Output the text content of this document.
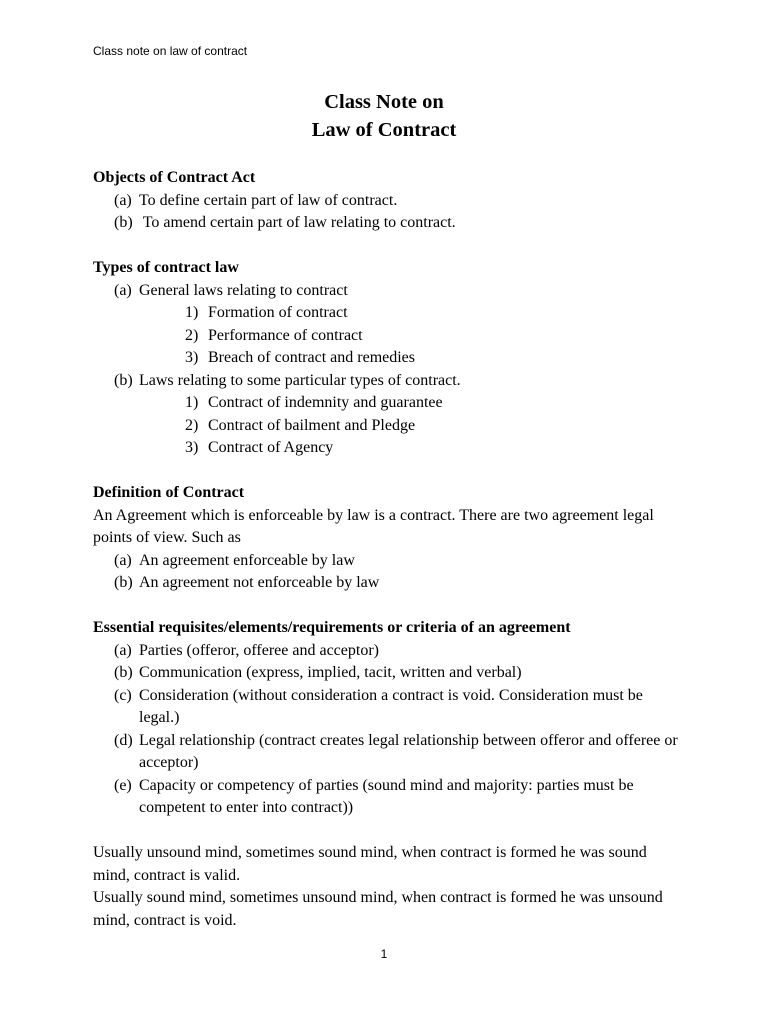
Class note on law of contract
Class Note on
Law of Contract

Objects of Contract Act

(a) To define certain part of law of contract.
(b) To amend certain part of law relating to contract.

Types of contract law

(a) General laws relating to contract
1) Formation of contract
2) Performance of contract
3) Breach of contract and remedies
(b) Laws relating to some particular types of contract.
1) Contract of indemnity and guarantee
2) Contract of bailment and Pledge
3) Contract of Agency

Definition of Contract

An Agreement which is enforceable by law is a contract. There are two agreement legal points of view. Such as

(a) An agreement enforceable by law
(b) An agreement not enforceable by law

Essential requisites/elements/requirements or criteria of an agreement

(a) Parties (offeror, offeree and acceptor)
(b) Communication (express, implied, tacit, written and verbal)
(c) Consideration (without consideration a contract is void. Consideration must be legal.)
(d) Legal relationship (contract creates legal relationship between offeror and offeree or acceptor)
(e) Capacity or competency of parties (sound mind and majority: parties must be competent to enter into contract))

Usually unsound mind, sometimes sound mind, when contract is formed he was sound mind, contract is valid.

Usually sound mind, sometimes unsound mind, when contract is formed he was unsound mind, contract is void.

1
